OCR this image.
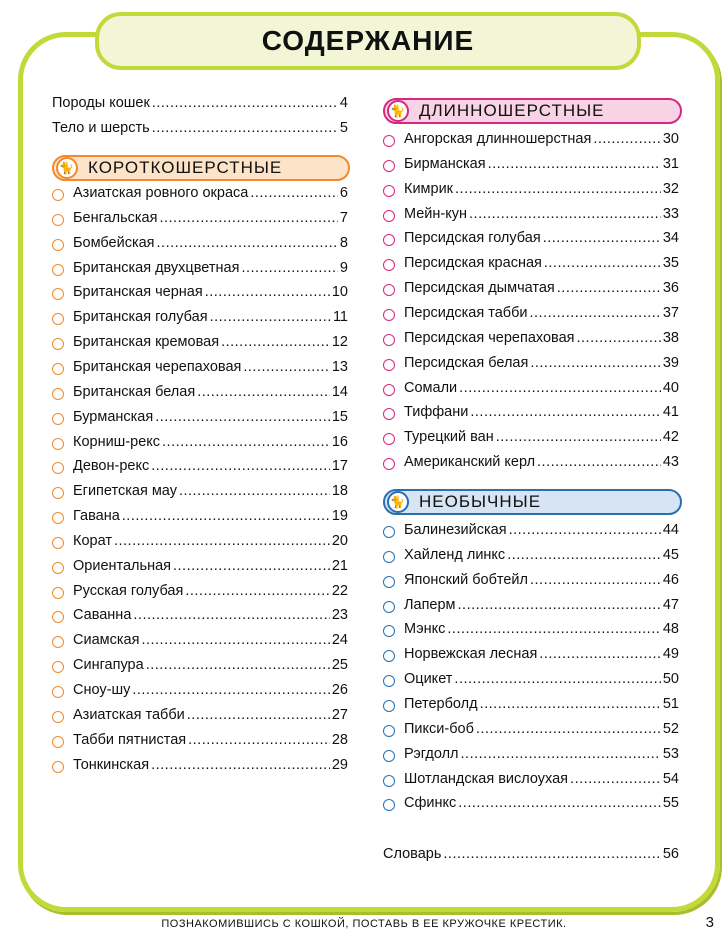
СОДЕРЖАНИЕ
Породы кошек .....	4
Тело и шерсть .....	5
🐈 КОРОТКОШЕРСТНЫЕ
Азиатская ровного окраса .....	6
Бенгальская .....	7
Бомбейская .....	8
Британская двухцветная .....	9
Британская черная .....	10
Британская голубая .....	11
Британская кремовая .....	12
Британская черепаховая .....	13
Британская белая .....	14
Бурманская .....	15
Корниш-рекс .....	16
Девон-рекс .....	17
Египетская мау .....	18
Гавана .....	19
Корат .....	20
Ориентальная .....	21
Русская голубая .....	22
Саванна .....	23
Сиамская .....	24
Сингапура .....	25
Сноу-шу .....	26
Азиатская табби .....	27
Табби пятнистая .....	28
Тонкинская .....	29
🐈 ДЛИННОШЕРСТНЫЕ
Ангорская длинношерстная .....	30
Бирманская .....	31
Кимрик .....	32
Мейн-кун .....	33
Персидская голубая .....	34
Персидская красная .....	35
Персидская дымчатая .....	36
Персидская табби .....	37
Персидская черепаховая .....	38
Персидская белая .....	39
Сомали .....	40
Тиффани .....	41
Турецкий ван .....	42
Американский керл .....	43
🐈 НЕОБЫЧНЫЕ
Балинезийская .....	44
Хайленд линкс .....	45
Японский бобтейл .....	46
Лаперм .....	47
Мэнкс .....	48
Норвежская лесная .....	49
Оцикет .....	50
Петерболд .....	51
Пикси-боб .....	52
Рэгдолл .....	53
Шотландская вислоухая .....	54
Сфинкс .....	55
Словарь .....	56
ПОЗНАКОМИВШИСЬ С КОШКОЙ, ПОСТАВЬ В ЕЕ КРУЖОЧКЕ КРЕСТИК.	3
